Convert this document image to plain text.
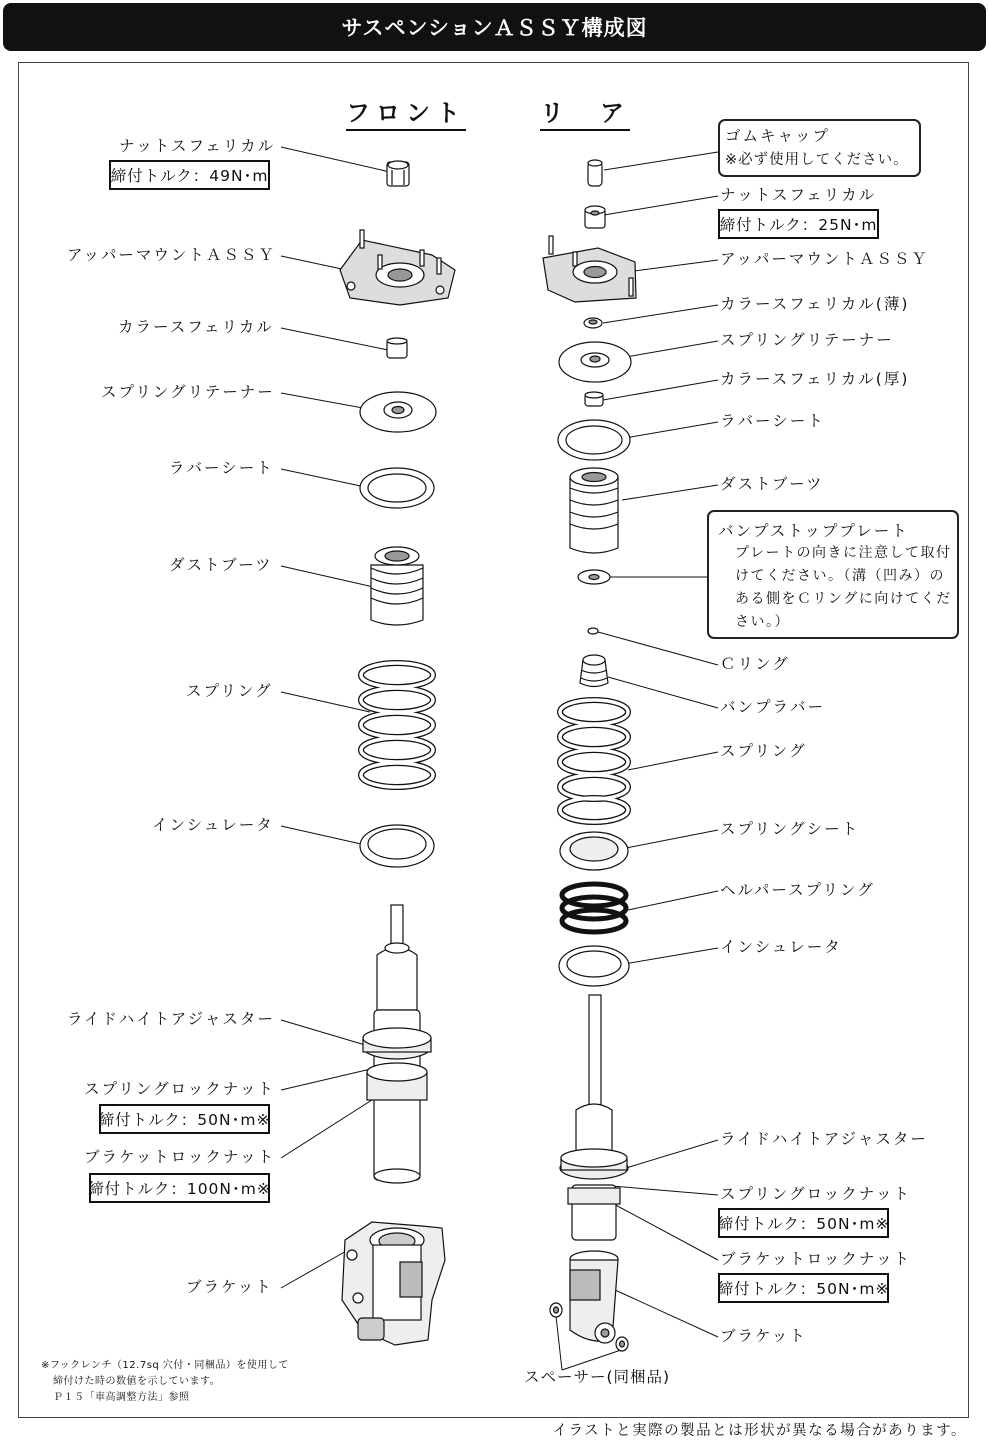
サスペンションＡＳＳＹ構成図
フロント	リ　ア
ナットスフェリカル
締付トルク：49N･m
アッパーマウントＡＳＳＹ
カラースフェリカル
スプリングリテーナー
ラバーシート
ダストブーツ
スプリング
インシュレータ
ライドハイトアジャスター
スプリングロックナット
締付トルク：50N･m※
ブラケットロックナット
締付トルク：100N･m※
ブラケット
ゴムキャップ
※必ず使用してください。
ナットスフェリカル
締付トルク：25N･m
アッパーマウントＡＳＳＹ
カラースフェリカル(薄)
スプリングリテーナー
カラースフェリカル(厚)
ラバーシート
ダストブーツ
バンプストッププレート
プレートの向きに注意して取付
けてください。（溝（凹み）の
ある側をＣリングに向けてくだ
さい。）
Ｃリング
バンプラバー
スプリング
スプリングシート
ヘルパースプリング
インシュレータ
ライドハイトアジャスター
スプリングロックナット
締付トルク：50N･m※
ブラケットロックナット
締付トルク：50N･m※
ブラケット
スペーサー(同梱品)
※フックレンチ（12.7sq 穴付・同梱品）を使用して
締付けた時の数値を示しています。
Ｐ１５「車高調整方法」参照
イラストと実際の製品とは形状が異なる場合があります。
